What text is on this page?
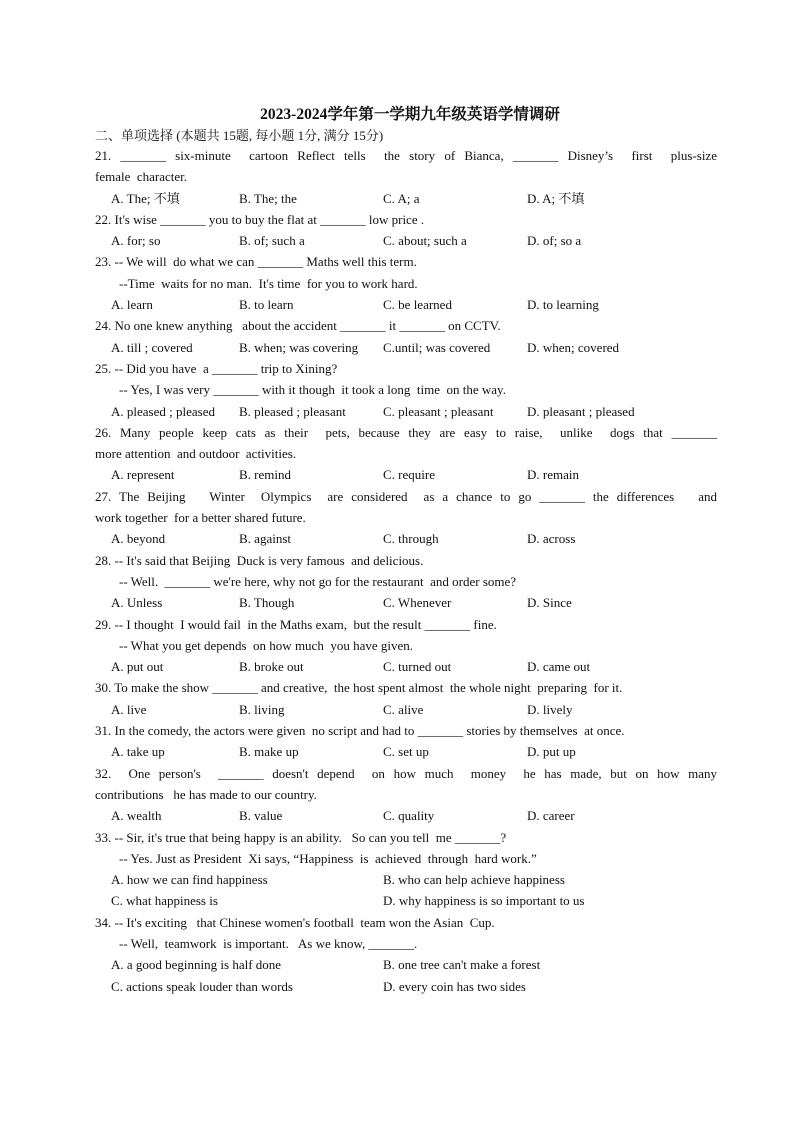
2023-2024学年第一学期九年级英语学情调研
二、单项选择 (本题共 15题, 每小题 1分, 满分 15分)
21. _______ six-minute  cartoon Reflect tells  the story of Bianca, _______ Disney’s  first  plus-size
female  character.
A. The; 不填	B. The; the	C. A; a	D. A; 不填
22. It's wise _______ you to buy the flat at _______ low price .
A. for; so	B. of; such a	C. about; such a	D. of; so a
23. -- We will  do what we can _______ Maths well this term.
--Time  waits for no man.  It's time  for you to work hard.
A. learn	B. to learn	C. be learned	D. to learning
24. No one knew anything   about the accident _______ it _______ on CCTV.
A. till ; covered	B. when; was covering C.until; was covered	D. when; covered
25. -- Did you have  a _______ trip to Xining?
-- Yes, I was very _______ with it though  it took a long  time  on the way.
A. pleased ; pleased B. pleased ; pleasant	C. pleasant ; pleasant	D. pleasant ; pleased
26. Many people keep cats as their  pets, because they are easy to raise,  unlike  dogs that _______
more attention  and outdoor  activities.
A. represent	B. remind	C. require	D. remain
27. The Beijing   Winter  Olympics  are considered  as a chance to go _______ the differences   and
work together  for a better shared future.
A. beyond	B. against	C. through	D. across
28. -- It's said that Beijing  Duck is very famous  and delicious.
-- Well.  _______ we're here, why not go for the restaurant  and order some?
A. Unless	B. Though	C. Whenever	D. Since
29. -- I thought  I would fail  in the Maths exam,  but the result _______ fine.
-- What you get depends  on how much  you have given.
A. put out	B. broke out	C. turned out	D. came out
30. To make the show _______ and creative,  the host spent almost  the whole night  preparing  for it.
A. live	B. living	C. alive	D. lively
31. In the comedy, the actors were given  no script and had to _______ stories by themselves  at once.
A. take up	B. make up	C. set up	D. put up
32.  One person's  _______ doesn't depend  on how much  money  he has made, but on how many
contributions   he has made to our country.
A. wealth	B. value	C. quality	D. career
33. -- Sir, it's true that being happy is an ability.   So can you tell  me _______?
-- Yes. Just as President  Xi says, “Happiness  is  achieved  through  hard work.”
A. how we can find happiness	B. who can help achieve happiness
C. what happiness is	D. why happiness is so important to us
34. -- It's exciting   that Chinese women's football  team won the Asian  Cup.
-- Well,  teamwork  is important.   As we know, _______.
A. a good beginning is half done	B. one tree can't make a forest
C. actions speak louder than words	D. every coin has two sides
